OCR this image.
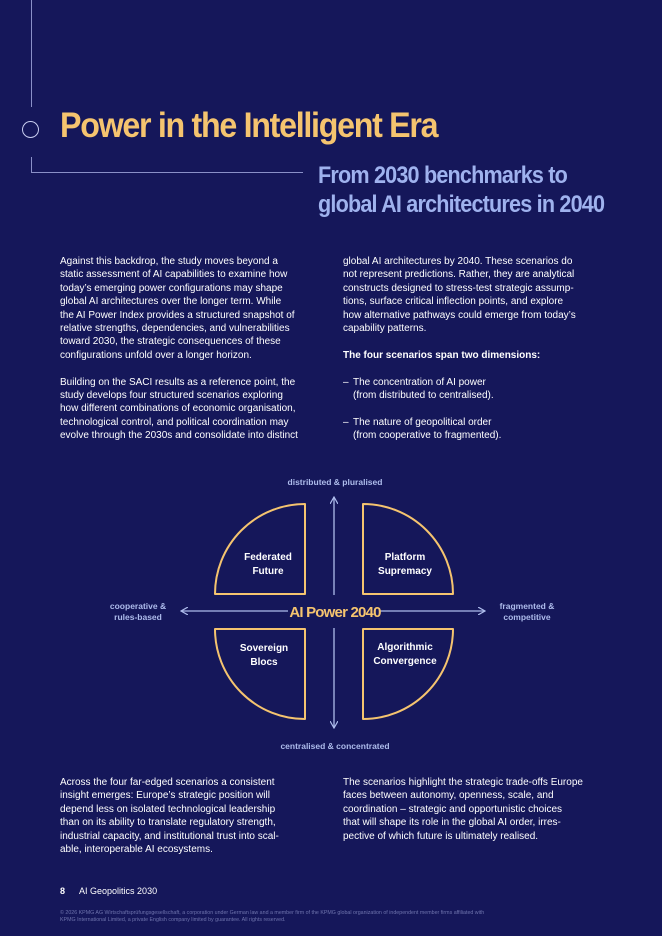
Power in the Intelligent Era
From 2030 benchmarks to
global AI architectures in 2040

Against this backdrop, the study moves beyond a
static assessment of AI capabilities to examine how
today’s emerging power configurations may shape
global AI architectures over the longer term. While
the AI Power Index provides a structured snapshot of
relative strengths, dependencies, and vulnerabilities
toward 2030, the strategic consequences of these
configurations unfold over a longer horizon.

Building on the SACI results as a reference point, the
study develops four structured scenarios exploring
how different combinations of economic organisation,
technological control, and political coordination may
evolve through the 2030s and consolidate into distinct

global AI architectures by 2040. These scenarios do
not represent predictions. Rather, they are analytical
constructs designed to stress-test strategic assump-
tions, surface critical inflection points, and explore
how alternative pathways could emerge from today’s
capability patterns.

The four scenarios span two dimensions:

– The concentration of AI power
(from distributed to centralised).
– The nature of geopolitical order
(from cooperative to fragmented).
AI Power 2040
distributed & pluralised
centralised & concentrated
cooperative &
rules-based
fragmented &
competitive
Federated
Future
Platform
Supremacy
Sovereign
Blocs
Algorithmic
Convergence

Across the four far-edged scenarios a consistent
insight emerges: Europe’s strategic position will
depend less on isolated technological leadership
than on its ability to translate regulatory strength,
industrial capacity, and institutional trust into scal-
able, interoperable AI ecosystems.

The scenarios highlight the strategic trade-offs Europe
faces between autonomy, openness, scale, and
coordination – strategic and opportunistic choices
that will shape its role in the global AI order, irres-
pective of which future is ultimately realised.

8 AI Geopolitics 2030
© 2026 KPMG AG Wirtschaftsprüfungsgesellschaft, a corporation under German law and a member firm of the KPMG global organization of independent member firms affiliated with
KPMG International Limited, a private English company limited by guarantee. All rights reserved.
